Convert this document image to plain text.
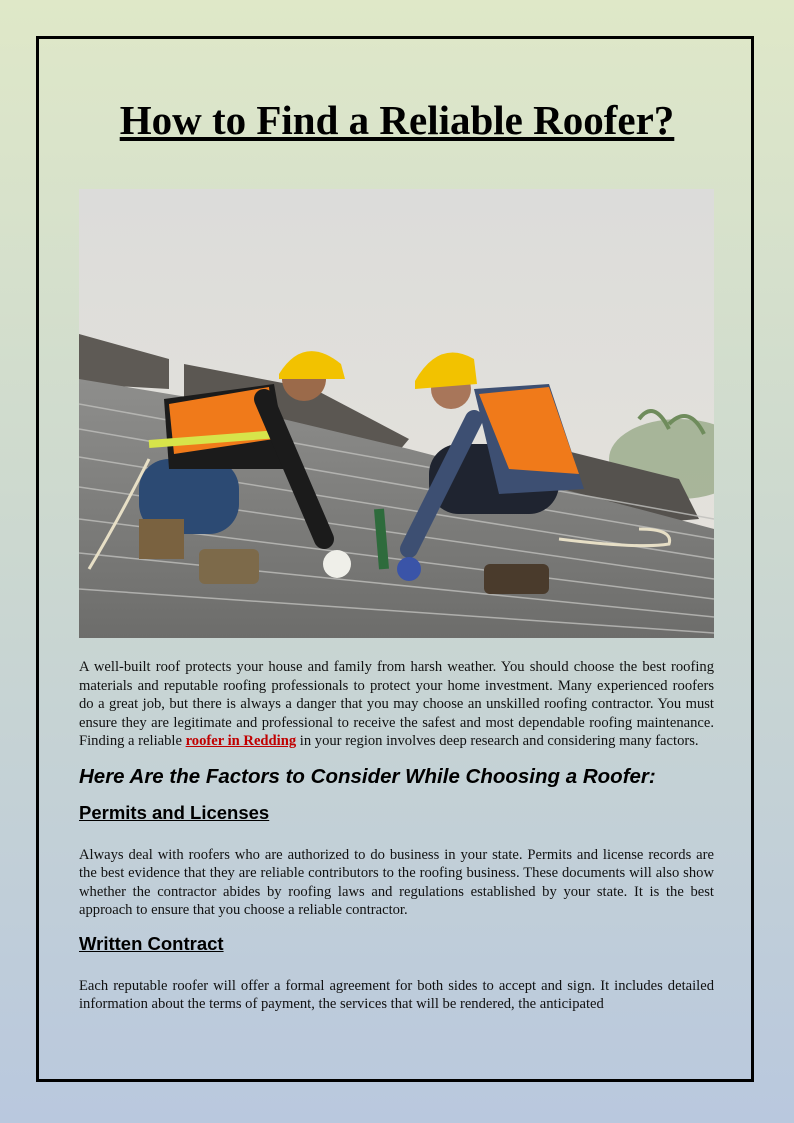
How to Find a Reliable Roofer?

A well-built roof protects your house and family from harsh weather. You should choose the best roofing materials and reputable roofing professionals to protect your home investment. Many experienced roofers do a great job, but there is always a danger that you may choose an unskilled roofing contractor. You must ensure they are legitimate and professional to receive the safest and most dependable roofing maintenance. Finding a reliable roofer in Redding in your region involves deep research and considering many factors.

Here Are the Factors to Consider While Choosing a Roofer:
Permits and Licenses

Always deal with roofers who are authorized to do business in your state. Permits and license records are the best evidence that they are reliable contributors to the roofing business. These documents will also show whether the contractor abides by roofing laws and regulations established by your state. It is the best approach to ensure that you choose a reliable contractor.

Written Contract

Each reputable roofer will offer a formal agreement for both sides to accept and sign. It includes detailed information about the terms of payment, the services that will be rendered, the anticipated
